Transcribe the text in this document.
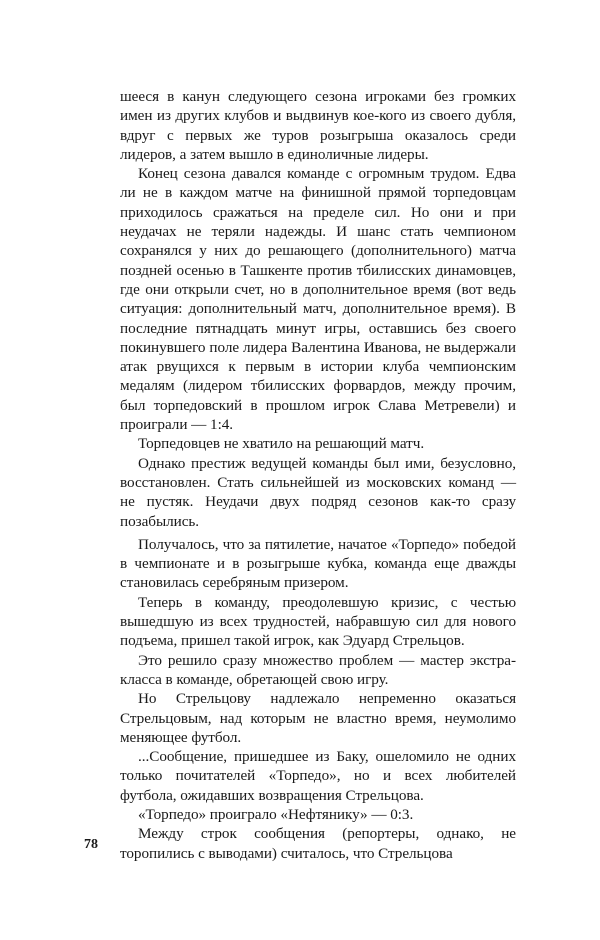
шееся в канун следующего сезона игроками без громких имен из других клубов и выдвинув кое-кого из своего дубля, вдруг с первых же туров розыгрыша оказалось среди лидеров, а затем вышло в единоличные лидеры.

Конец сезона давался команде с огромным трудом. Едва ли не в каждом матче на финишной прямой торпедовцам приходилось сражаться на пределе сил. Но они и при неудачах не теряли надежды. И шанс стать чемпионом сохранялся у них до решающего (дополнительного) матча поздней осенью в Ташкенте против тбилисских динамовцев, где они открыли счет, но в дополнительное время (вот ведь ситуация: дополнительный матч, дополнительное время). В последние пятнадцать минут игры, оставшись без своего покинувшего поле лидера Валентина Иванова, не выдержали атак рвущихся к первым в истории клуба чемпионским медалям (лидером тбилисских форвардов, между прочим, был торпедовский в прошлом игрок Слава Метревели) и проиграли — 1:4.

Торпедовцев не хватило на решающий матч.

Однако престиж ведущей команды был ими, безусловно, восстановлен. Стать сильнейшей из московских команд — не пустяк. Неудачи двух подряд сезонов как-то сразу позабылись.

Получалось, что за пятилетие, начатое «Торпедо» победой в чемпионате и в розыгрыше кубка, команда еще дважды становилась серебряным призером.

Теперь в команду, преодолевшую кризис, с честью вышедшую из всех трудностей, набравшую сил для нового подъема, пришел такой игрок, как Эдуард Стрельцов.

Это решило сразу множество проблем — мастер экстра-класса в команде, обретающей свою игру.

Но Стрельцову надлежало непременно оказаться Стрельцовым, над которым не властно время, неумолимо меняющее футбол.

...Сообщение, пришедшее из Баку, ошеломило не одних только почитателей «Торпедо», но и всех любителей футбола, ожидавших возвращения Стрельцова.

«Торпедо» проиграло «Нефтянику» — 0:3.

Между строк сообщения (репортеры, однако, не торопились с выводами) считалось, что Стрельцова

78
